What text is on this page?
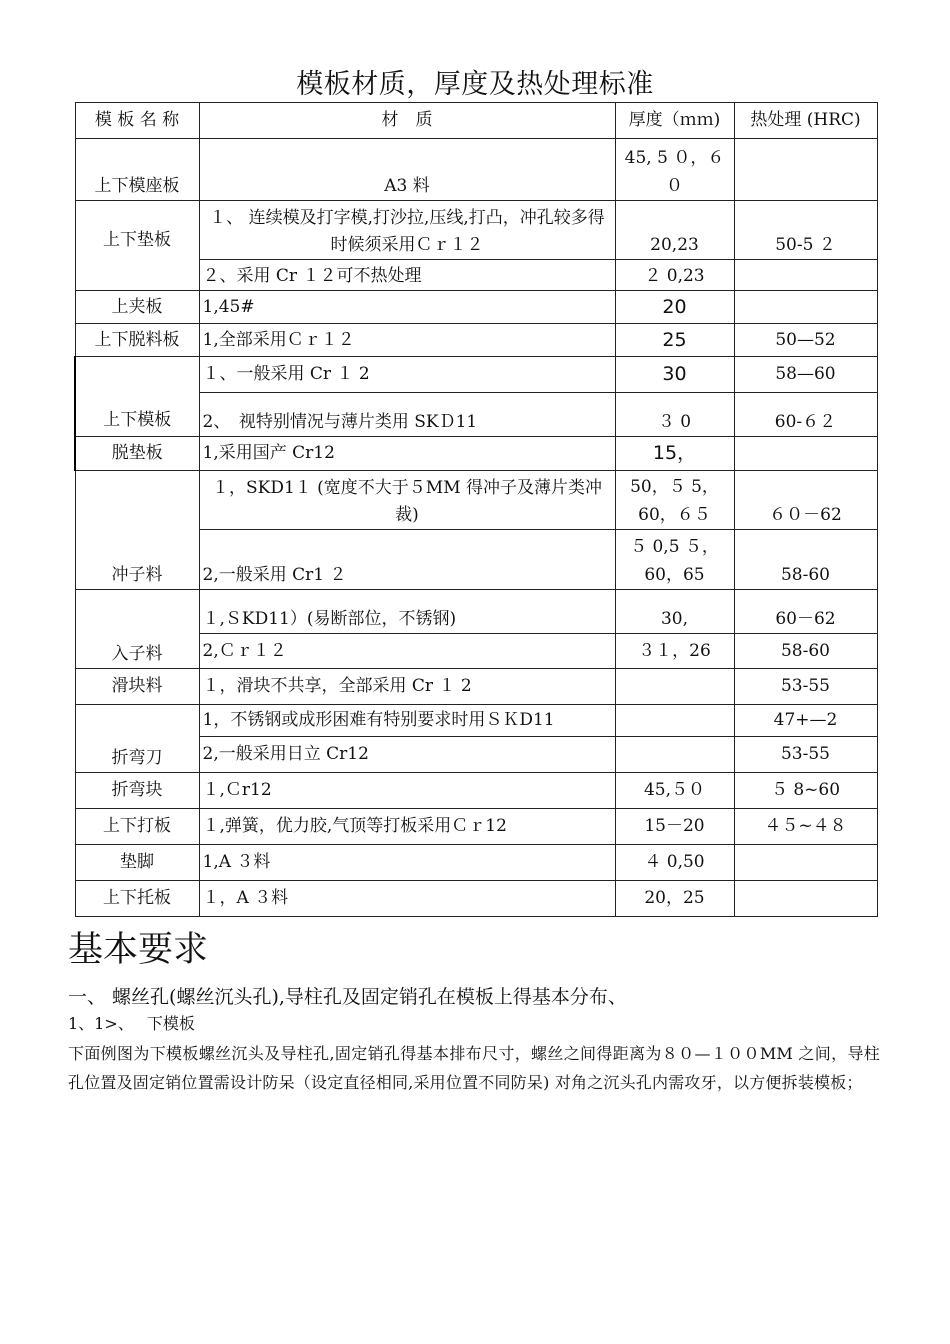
模板材质，厚度及热处理标准
模 板 名 称	材　质	厚度（ｍｍ)	热处理 (HRC)
上下模座板	A3 料	45, 5 ０，６０	
上下垫板	１、 连续模及打字模,打沙拉,压线,打凸，冲孔较多得时候须采用Ｃｒ１２	20,23	50-5 ２
	２、采用 Cr １２可不热处理	２ 0,23	
上夹板	1,45#	20	
上下脱料板	1,全部采用Ｃｒ１２	25	50—52
上下模板	１、一般采用 Cr １ 2	30	58—60
	2、　视特别情况与薄片类用 SKＤ11	３ 0	60-６２
脱垫板	1,采用国产 Cr12	15，	
冲子料	１，SKD1１ (宽度不大于５MM 得冲子及薄片类冲裁)	50，５ 5，60，６５	６０－62
	2,一般采用 Cr1 ２	５ 0,5 ５，60，65	58-60
入子料	１,ＳKD11）(易断部位，不锈钢)	30,	60－62
	2,Ｃｒ１２	３１，26	58-60
滑块料	１，滑块不共享，全部采用 Cr １ 2		53-55
折弯刀	1，不锈钢或成形困难有特别要求时用ＳＫD11		47+—2
	2,一般采用日立 Cr12		53-55
折弯块	１,Ｃr12	45,５０	５ 8~60
上下打板	１,弹簧，优力胶,气顶等打板采用Ｃｒ12	15－20	４５~４８
垫脚	1,A ３料	４ 0,50	
上下托板	１，A ３料	20，25	
基本要求
一、 螺丝孔(螺丝沉头孔),导柱孔及固定销孔在模板上得基本分布、
1、1>、　 下模板
下面例图为下模板螺丝沉头及导柱孔,固定销孔得基本排布尺寸，螺丝之间得距离为８０—１００MM 之间，导柱孔位置及固定销位置需设计防呆（设定直径相同,采用位置不同防呆) 对角之沉头孔内需攻牙，以方便拆装模板；
